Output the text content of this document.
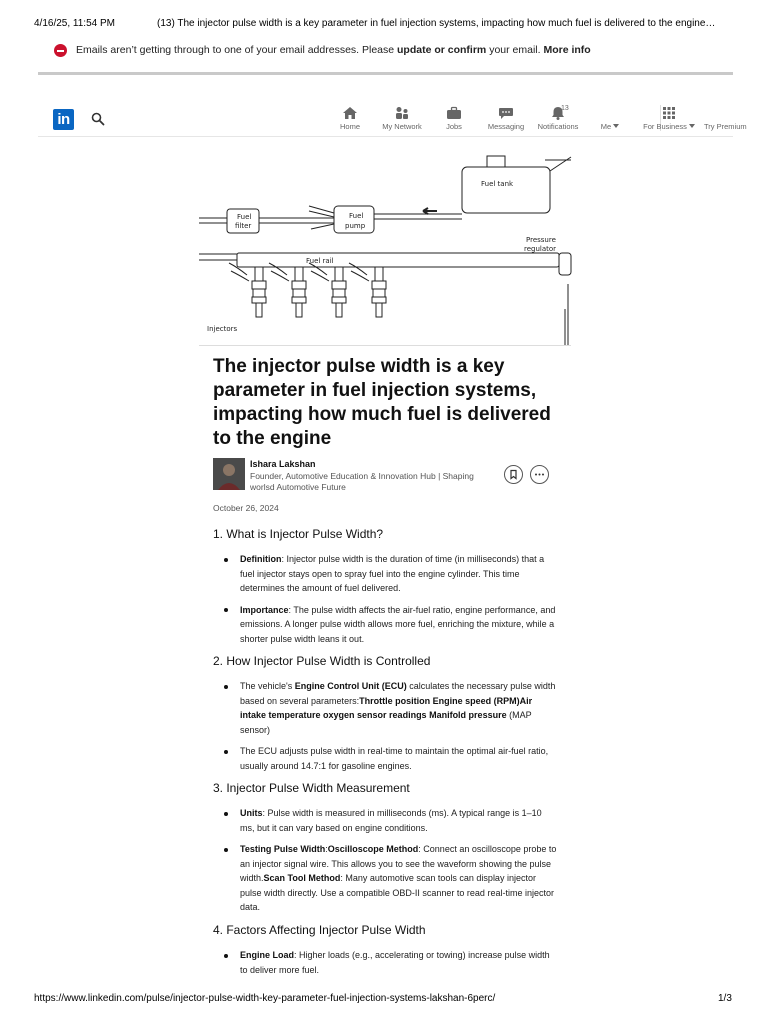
4/16/25, 11:54 PM	(13) The injector pulse width is a key parameter in fuel injection systems, impacting how much fuel is delivered to the engine…
Emails aren’t getting through to one of your email addresses. Please update or confirm your email. More info
in	Home	My Network	Jobs	Messaging
13
Notifications	Me	For Business	Try Premium
Fuel tank
Fuel
filter
Fuel
pump
Pressure
regulator
Fuel rail
Injectors
The injector pulse width is a key parameter in fuel injection systems, impacting how much fuel is delivered to the engine
Ishara Lakshan
Founder, Automotive Education & Innovation Hub | Shaping worlsd Automotive Future
October 26, 2024
1. What is Injector Pulse Width?
Definition: Injector pulse width is the duration of time (in milliseconds) that a fuel injector stays open to spray fuel into the engine cylinder. This time determines the amount of fuel delivered.
Importance: The pulse width affects the air-fuel ratio, engine performance, and emissions. A longer pulse width allows more fuel, enriching the mixture, while a shorter pulse width leans it out.
2. How Injector Pulse Width is Controlled
The vehicle's Engine Control Unit (ECU) calculates the necessary pulse width based on several parameters:Throttle position Engine speed (RPM)Air intake temperature oxygen sensor readings Manifold pressure (MAP sensor)
The ECU adjusts pulse width in real-time to maintain the optimal air-fuel ratio, usually around 14.7:1 for gasoline engines.
3. Injector Pulse Width Measurement
Units: Pulse width is measured in milliseconds (ms). A typical range is 1–10 ms, but it can vary based on engine conditions.
Testing Pulse Width:Oscilloscope Method: Connect an oscilloscope probe to an injector signal wire. This allows you to see the waveform showing the pulse width.Scan Tool Method: Many automotive scan tools can display injector pulse width directly. Use a compatible OBD-II scanner to read real-time injector data.
4. Factors Affecting Injector Pulse Width
Engine Load: Higher loads (e.g., accelerating or towing) increase pulse width to deliver more fuel.
https://www.linkedin.com/pulse/injector-pulse-width-key-parameter-fuel-injection-systems-lakshan-6perc/	1/3
